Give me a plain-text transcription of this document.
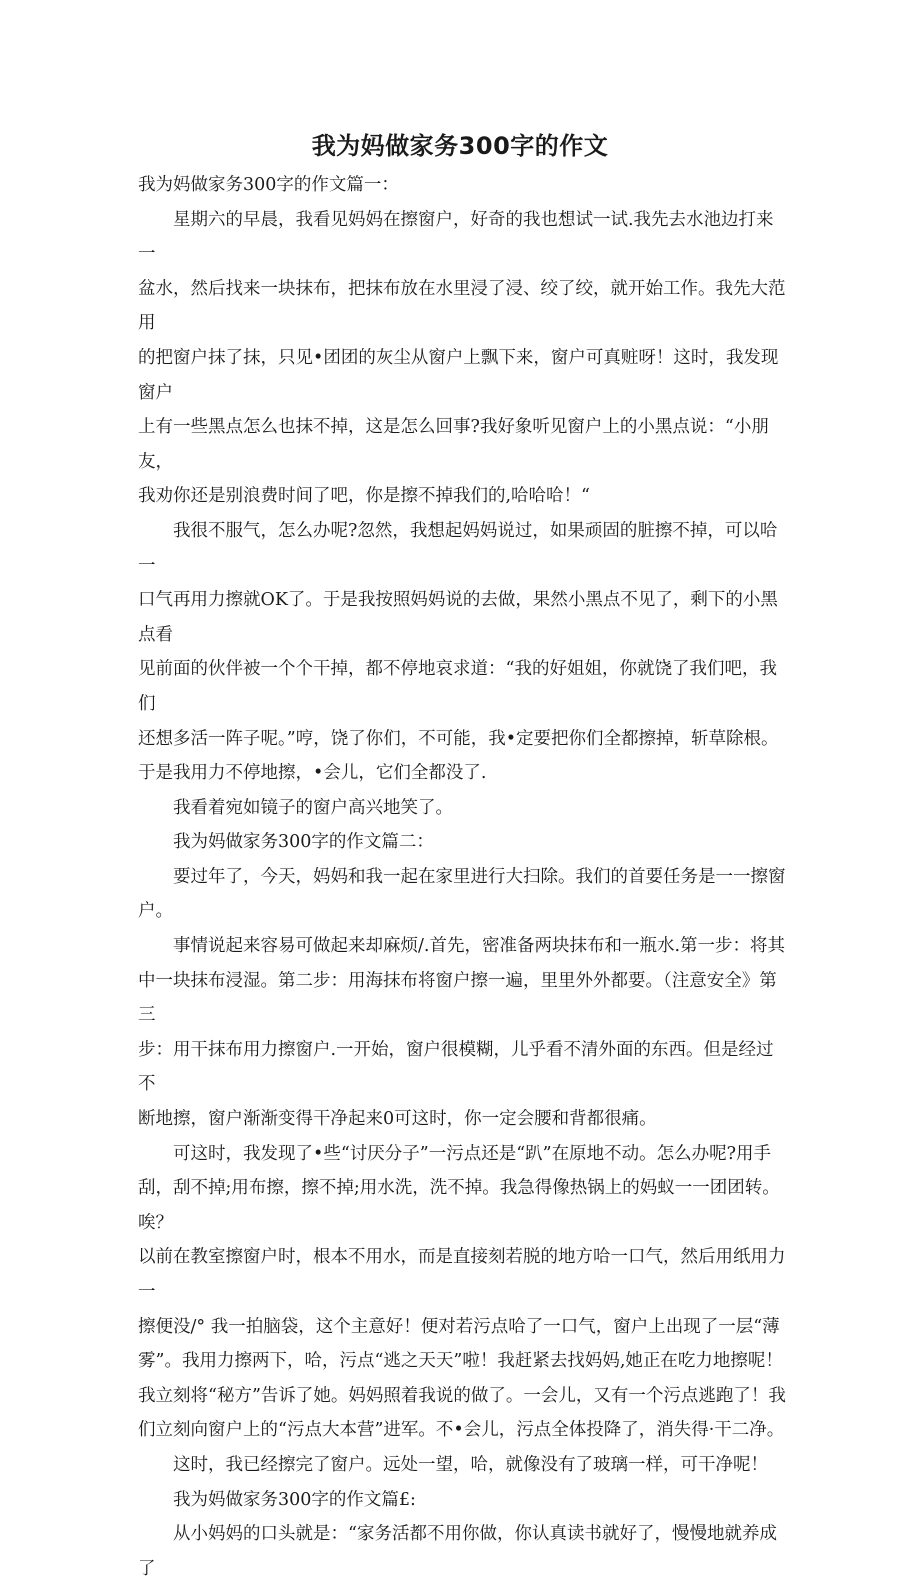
我为妈做家务300字的作文

我为妈做家务300字的作文篇一：

星期六的早晨，我看见妈妈在擦窗户，好奇的我也想试一试.我先去水池边打来一
盆水，然后找来一块抹布，把抹布放在水里浸了浸、绞了绞，就开始工作。我先大范用
的把窗户抹了抹，只见•团团的灰尘从窗户上飘下来，窗户可真赃呀！这时，我发现窗户
上有一些黑点怎么也抹不掉，这是怎么回事?我好象听见窗户上的小黑点说：“小朋友，
我劝你还是别浪费时间了吧，你是擦不掉我们的,哈哈哈！“

我很不服气，怎么办呢?忽然，我想起妈妈说过，如果顽固的脏擦不掉，可以哈一
口气再用力擦就OK了。于是我按照妈妈说的去做，果然小黑点不见了，剩下的小黑点看
见前面的伙伴被一个个干掉，都不停地哀求道：“我的好姐姐，你就饶了我们吧，我们
还想多活一阵子呢。”哼，饶了你们，不可能，我•定要把你们全都擦掉，斩草除根。
于是我用力不停地擦，•会儿，它们全都没了.

我看着宛如镜子的窗户高兴地笑了。

我为妈做家务300字的作文篇二：

要过年了，今天，妈妈和我一起在家里进行大扫除。我们的首要任务是一一擦窗户。

事情说起来容易可做起来却麻烦/.首先，密准备两块抹布和一瓶水.第一步：将其
中一块抹布浸湿。第二步：用海抹布将窗户擦一遍，里里外外都要。（注意安全》第三
步：用干抹布用力擦窗户.一开始，窗户很模糊，儿乎看不清外面的东西。但是经过不
断地擦，窗户渐渐变得干净起来0可这时，你一定会腰和背都很痛。

可这时，我发现了•些“讨厌分子”一污点还是“趴”在原地不动。怎么办呢?用手
刮，刮不掉;用布擦，擦不掉;用水洗，洗不掉。我急得像热锅上的妈蚁一一团团转。唉？
以前在教室擦窗户时，根本不用水，而是直接刻若脱的地方哈一口气，然后用纸用力一
擦便没/° 我一拍脑袋，这个主意好！便对若污点哈了一口气，窗户上出现了一层“薄
雾”。我用力擦两下，哈，污点“逃之天天”啦！我赶紧去找妈妈,她正在吃力地擦呢！
我立刻将“秘方”告诉了她。妈妈照着我说的做了。一会儿，又有一个污点逃跑了！我
们立刻向窗户上的“污点大本营”进军。不•会儿，污点全体投降了，消失得·干二净。

这时，我已经擦完了窗户。远处一望，哈，就像没有了玻璃一样，可干净呢！

我为妈做家务300字的作文篇£:

从小妈妈的口头就是：“家务活都不用你做，你认真读书就好了，慢慢地就养成了
